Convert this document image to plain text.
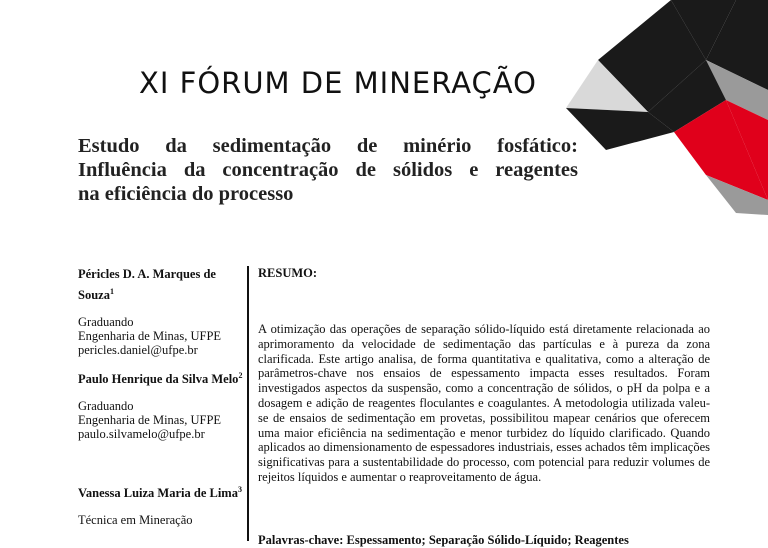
XI FÓRUM DE MINERAÇÃO
Estudo da sedimentação de minério fosfático:
Influência da concentração de sólidos e reagentes
na eficiência do processo
Péricles D. A. Marques de Souza$^1$
Graduando
Engenharia de Minas, UFPE
pericles.daniel@ufpe.br
Paulo Henrique da Silva Melo$^2$
Graduando
Engenharia de Minas, UFPE
paulo.silvamelo@ufpe.br
Vanessa Luiza Maria de Lima$^3$
Técnica em Mineração
RESUMO:
A otimização das operações de separação sólido-líquido está diretamente relacionada ao aprimoramento da velocidade de sedimentação das partículas e à pureza da zona clarificada. Este artigo analisa, de forma quantitativa e qualitativa, como a alteração de parâmetros-chave nos ensaios de espessamento impacta esses resultados. Foram investigados aspectos da suspensão, como a concentração de sólidos, o pH da polpa e a dosagem e adição de reagentes floculantes e coagulantes. A metodologia utilizada valeu-se de ensaios de sedimentação em provetas, possibilitou mapear cenários que oferecem uma maior eficiência na sedimentação e menor turbidez do líquido clarificado. Quando aplicados ao dimensionamento de espessadores industriais, esses achados têm implicações significativas para a sustentabilidade do processo, com potencial para reduzir volumes de rejeitos líquidos e aumentar o reaproveitamento de água.
Palavras-chave: Espessamento; Separação Sólido-Líquido; Reagentes
